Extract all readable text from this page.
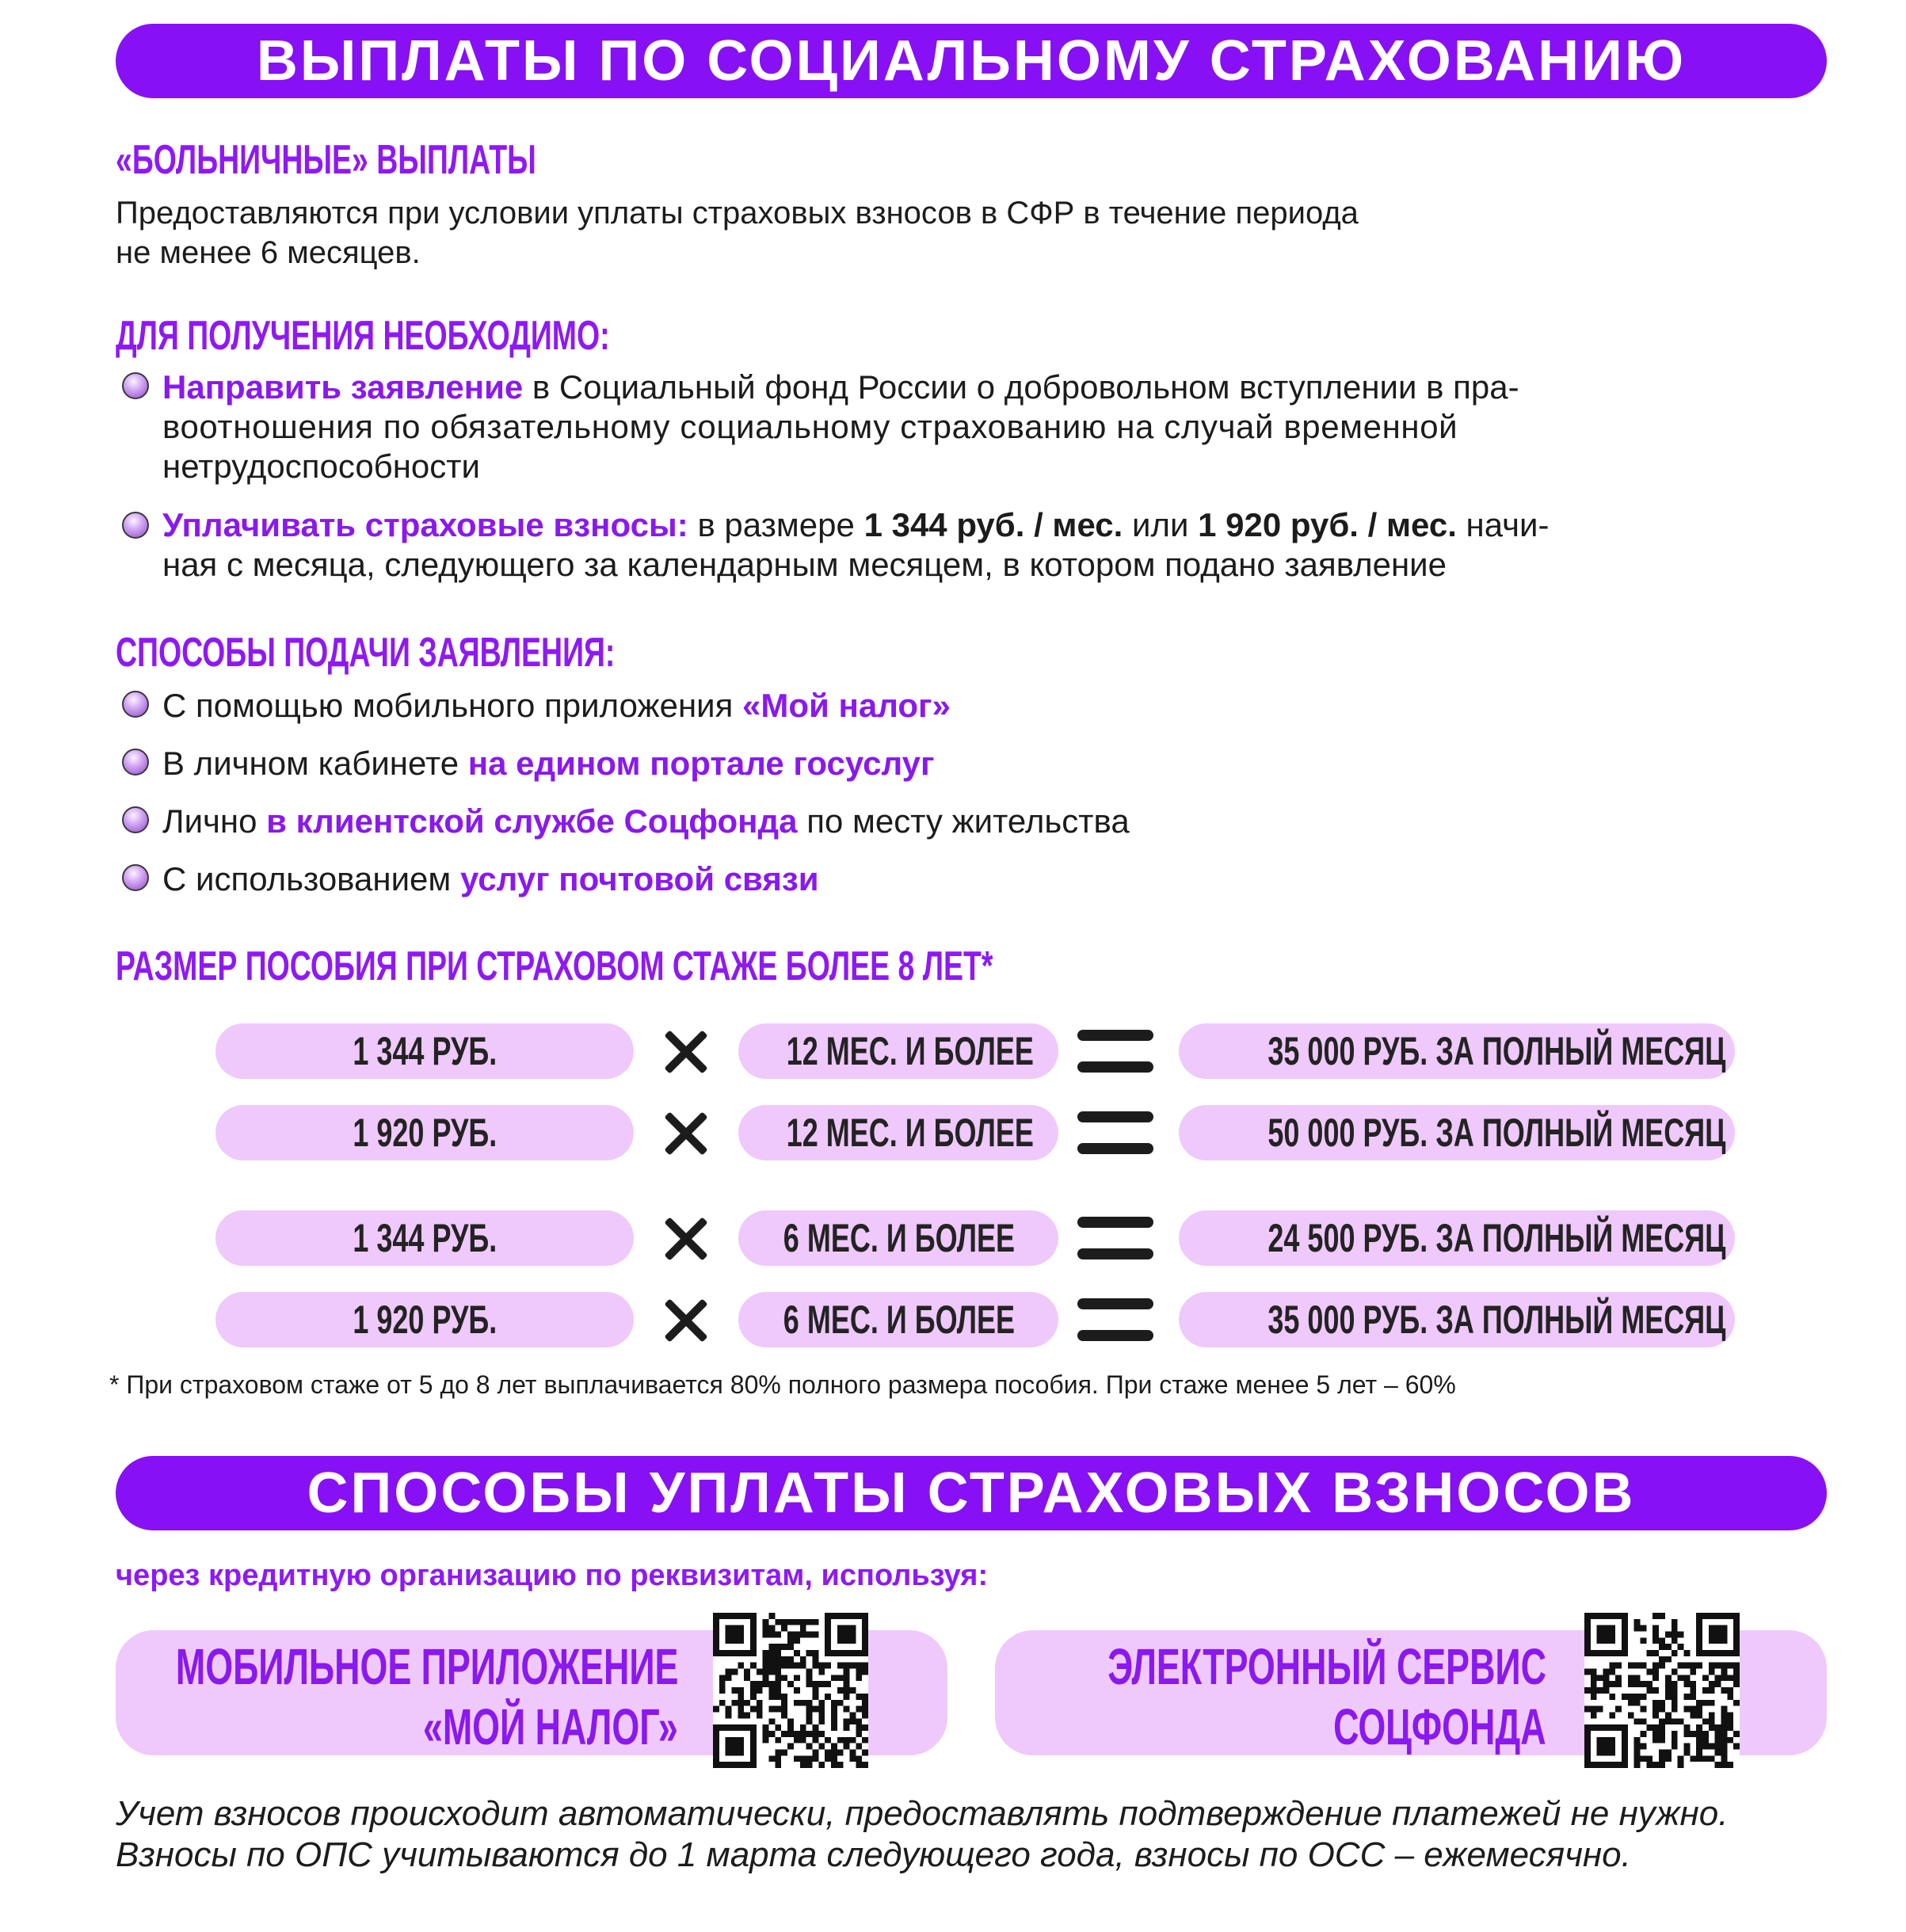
ВЫПЛАТЫ ПО СОЦИАЛЬНОМУ СТРАХОВАНИЮ
«БОЛЬНИЧНЫЕ» ВЫПЛАТЫ
Предоставляются при условии уплаты страховых взносов в СФР в течение периода
не менее 6 месяцев.
ДЛЯ ПОЛУЧЕНИЯ НЕОБХОДИМО:
Направить заявление в Социальный фонд России о добровольном вступлении в пра-
воотношения по обязательному социальному страхованию на случай временной
нетрудоспособности
Уплачивать страховые взносы: в размере 1 344 руб. / мес. или 1 920 руб. / мес. начи-
ная с месяца, следующего за календарным месяцем, в котором подано заявление
СПОСОБЫ ПОДАЧИ ЗАЯВЛЕНИЯ:
С помощью мобильного приложения «Мой налог»
В личном кабинете на едином портале госуслуг
Лично в клиентской службе Соцфонда по месту жительства
С использованием услуг почтовой связи
РАЗМЕР ПОСОБИЯ ПРИ СТРАХОВОМ СТАЖЕ БОЛЕЕ 8 ЛЕТ*
1 344 РУБ.	12 МЕС. И БОЛЕЕ	35 000 РУБ. ЗА ПОЛНЫЙ МЕСЯЦ
1 920 РУБ.	12 МЕС. И БОЛЕЕ	50 000 РУБ. ЗА ПОЛНЫЙ МЕСЯЦ
1 344 РУБ.	6 МЕС. И БОЛЕЕ	24 500 РУБ. ЗА ПОЛНЫЙ МЕСЯЦ
1 920 РУБ.	6 МЕС. И БОЛЕЕ	35 000 РУБ. ЗА ПОЛНЫЙ МЕСЯЦ
* При страховом стаже от 5 до 8 лет выплачивается 80% полного размера пособия. При стаже менее 5 лет – 60%
СПОСОБЫ УПЛАТЫ СТРАХОВЫХ ВЗНОСОВ
через кредитную организацию по реквизитам, используя:
МОБИЛЬНОЕ ПРИЛОЖЕНИЕ
«МОЙ НАЛОГ»
ЭЛЕКТРОННЫЙ СЕРВИС
СОЦФОНДА
Учет взносов происходит автоматически, предоставлять подтверждение платежей не нужно.
Взносы по ОПС учитываются до 1 марта следующего года, взносы по ОСС – ежемесячно.
